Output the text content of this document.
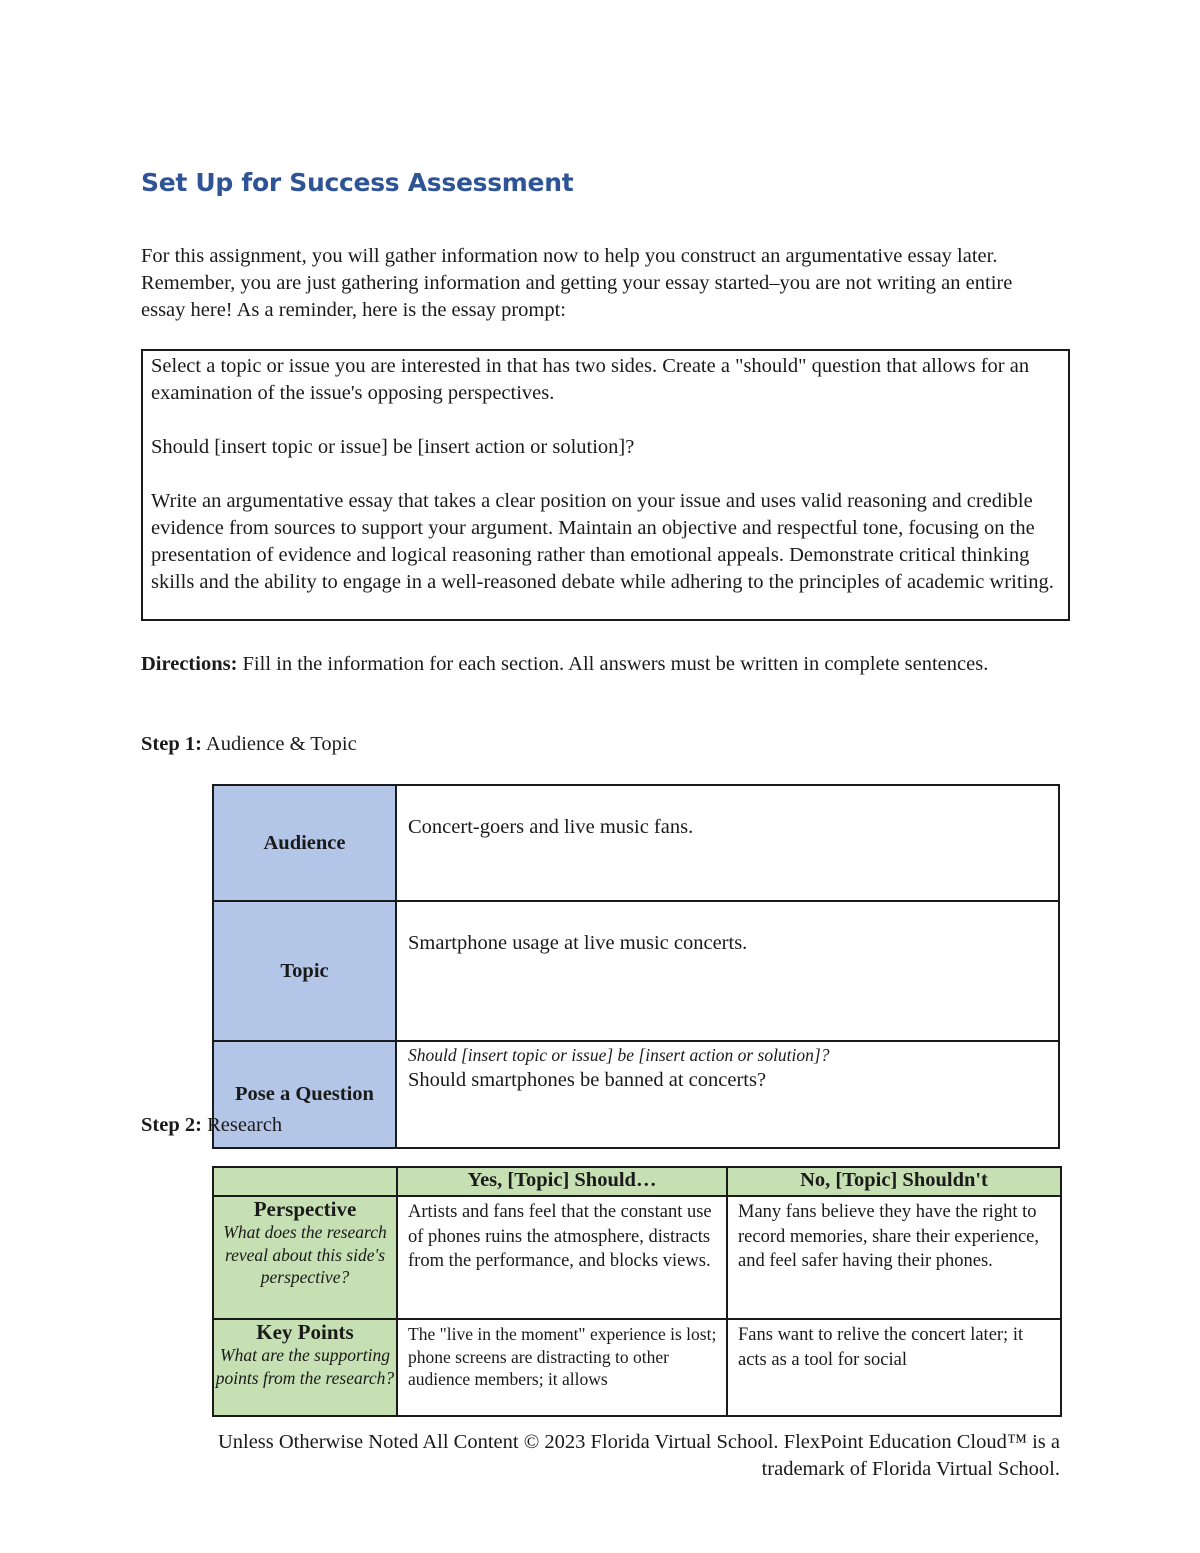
Set Up for Success Assessment
For this assignment, you will gather information now to help you construct an argumentative essay later. Remember, you are just gathering information and getting your essay started–you are not writing an entire essay here! As a reminder, here is the essay prompt:

Select a topic or issue you are interested in that has two sides. Create a "should" question that allows for an examination of the issue's opposing perspectives.

Should [insert topic or issue] be [insert action or solution]?

Write an argumentative essay that takes a clear position on your issue and uses valid reasoning and credible evidence from sources to support your argument. Maintain an objective and respectful tone, focusing on the presentation of evidence and logical reasoning rather than emotional appeals. Demonstrate critical thinking skills and the ability to engage in a well-reasoned debate while adhering to the principles of academic writing.

Directions: Fill in the information for each section. All answers must be written in complete sentences.
Step 1: Audience & Topic
Audience	Concert-goers and live music fans.
Topic	Smartphone usage at live music concerts.
Pose a Question	Should [insert topic or issue] be [insert action or solution]?
Should smartphones be banned at concerts?
Step 2: Research
	Yes, [Topic] Should…	No, [Topic] Shouldn't

Perspective
What does the research reveal about this side's perspective?	Artists and fans feel that the constant use of phones ruins the atmosphere, distracts from the performance, and blocks views.	Many fans believe they have the right to record memories, share their experience, and feel safer having their phones.

Key Points
What are the supporting points from the research?	The "live in the moment" experience is lost; phone screens are distracting to other audience members; it allows	Fans want to relive the concert later; it acts as a tool for social
Unless Otherwise Noted All Content © 2023 Florida Virtual School. FlexPoint Education Cloud™ is a trademark of Florida Virtual School.
